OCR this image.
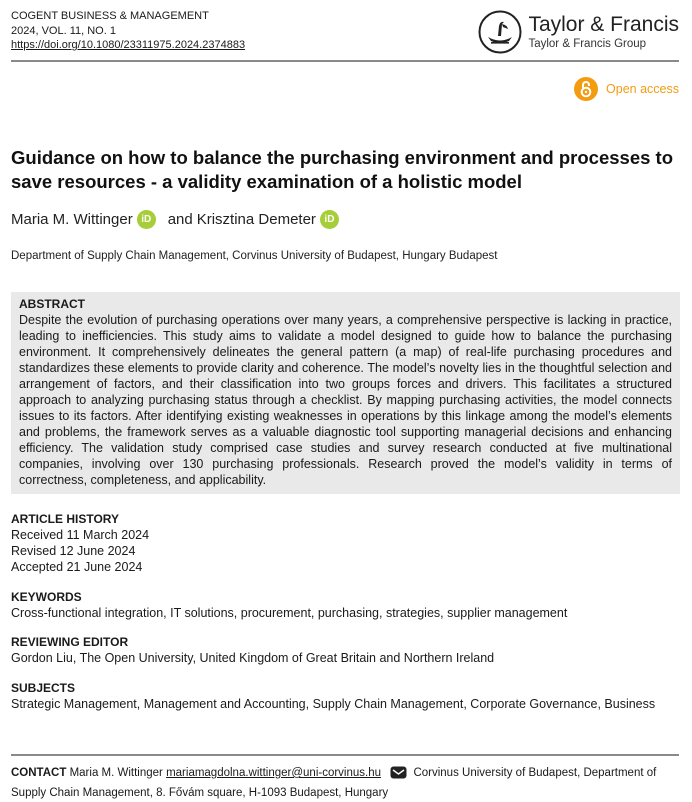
COGENT BUSINESS & MANAGEMENT
2024, VOL. 11, NO. 1
https://doi.org/10.1080/23311975.2024.2374883
Taylor & Francis
Taylor & Francis Group
Open access
Guidance on how to balance the purchasing environment and processes to save resources - a validity examination of a holistic model
Maria M. Wittinger iD	and Krisztina Demeter iD
Department of Supply Chain Management, Corvinus University of Budapest, Hungary Budapest
ABSTRACT
Despite the evolution of purchasing operations over many years, a comprehensive perspective is lacking in practice, leading to inefficiencies. This study aims to validate a model designed to guide how to balance the purchasing environment. It comprehensively delineates the general pattern (a map) of real-life purchasing procedures and standardizes these elements to provide clarity and coherence. The model’s novelty lies in the thoughtful selection and arrangement of factors, and their classification into two groups forces and drivers. This facilitates a structured approach to analyzing purchasing status through a checklist. By mapping purchasing activities, the model connects issues to its factors. After identifying existing weaknesses in operations by this linkage among the model’s elements and problems, the framework serves as a valuable diagnostic tool supporting managerial decisions and enhancing efficiency. The validation study comprised case studies and survey research conducted at five multinational companies, involving over 130 purchasing professionals. Research proved the model’s validity in terms of correctness, completeness, and applicability.
ARTICLE HISTORY
Received 11 March 2024
Revised 12 June 2024
Accepted 21 June 2024
KEYWORDS
Cross-functional integration, IT solutions, procurement, purchasing, strategies, supplier management
REVIEWING EDITOR
Gordon Liu, The Open University, United Kingdom of Great Britain and Northern Ireland
SUBJECTS
Strategic Management, Management and Accounting, Supply Chain Management, Corporate Governance, Business
CONTACT Maria M. Wittinger mariamagdolna.wittinger@uni-corvinus.hu	Corvinus University of Budapest, Department of Supply Chain Management, 8. Fővám square, H-1093 Budapest, Hungary
